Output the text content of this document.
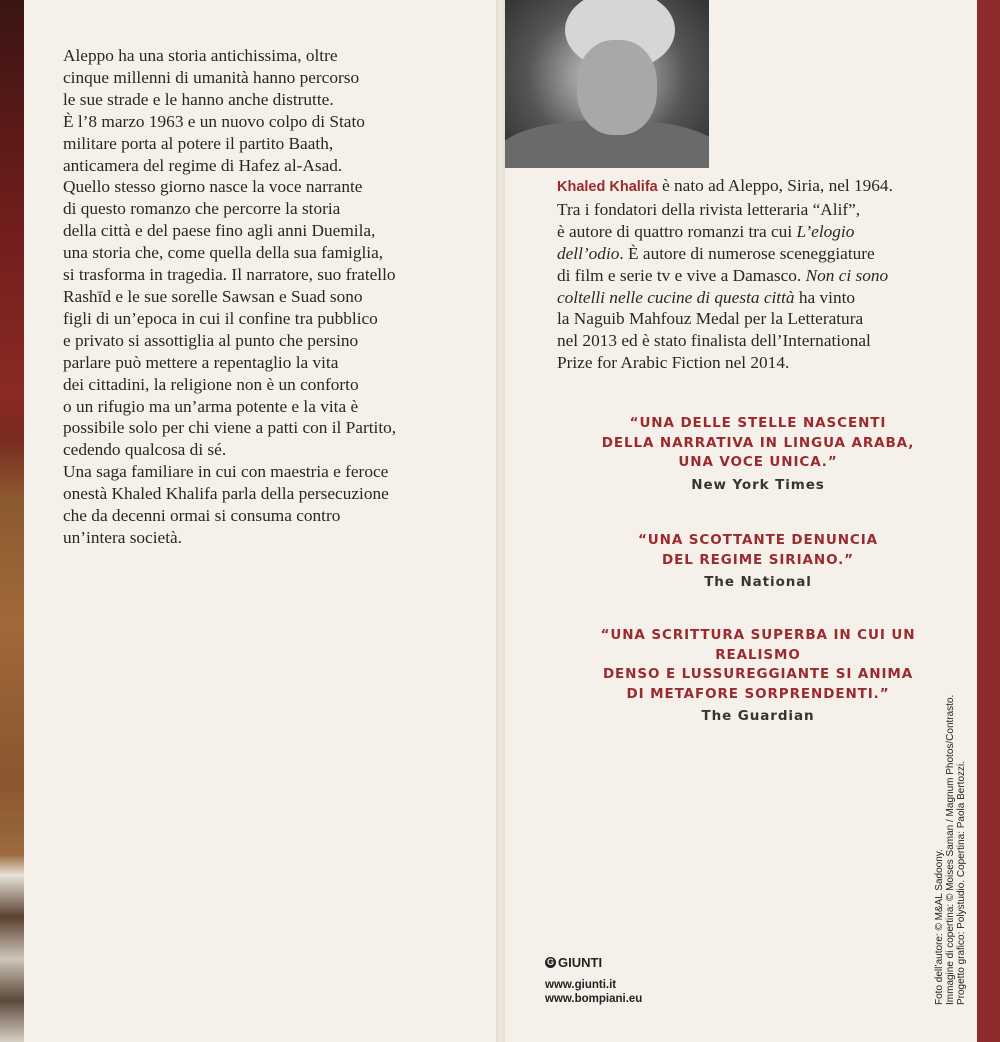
Aleppo ha una storia antichissima, oltre
cinque millenni di umanità hanno percorso
le sue strade e le hanno anche distrutte.
È l’8 marzo 1963 e un nuovo colpo di Stato
militare porta al potere il partito Baath,
anticamera del regime di Hafez al-Asad.
Quello stesso giorno nasce la voce narrante
di questo romanzo che percorre la storia
della città e del paese fino agli anni Duemila,
una storia che, come quella della sua famiglia,
si trasforma in tragedia. Il narratore, suo fratello
Rashīd e le sue sorelle Sawsan e Suad sono
figli di un’epoca in cui il confine tra pubblico
e privato si assottiglia al punto che persino
parlare può mettere a repentaglio la vita
dei cittadini, la religione non è un conforto
o un rifugio ma un’arma potente e la vita è
possibile solo per chi viene a patti con il Partito,
cedendo qualcosa di sé.
Una saga familiare in cui con maestria e feroce
onestà Khaled Khalifa parla della persecuzione
che da decenni ormai si consuma contro
un’intera società.
Khaled Khalifa è nato ad Aleppo, Siria, nel 1964.
Tra i fondatori della rivista letteraria “Alif”,
è autore di quattro romanzi tra cui L’elogio
dell’odio. È autore di numerose sceneggiature
di film e serie tv e vive a Damasco. Non ci sono
coltelli nelle cucine di questa città ha vinto
la Naguib Mahfouz Medal per la Letteratura
nel 2013 ed è stato finalista dell’International
Prize for Arabic Fiction nel 2014.
“UNA DELLE STELLE NASCENTI
DELLA NARRATIVA IN LINGUA ARABA,
UNA VOCE UNICA.”
New York Times
“UNA SCOTTANTE DENUNCIA
DEL REGIME SIRIANO.”
The National
“UNA SCRITTURA SUPERBA IN CUI UN REALISMO
DENSO E LUSSUREGGIANTE SI ANIMA
DI METAFORE SORPRENDENTI.”
The Guardian
G GIUNTI
www.giunti.it
www.bompiani.eu	Foto dell’autore: © M&AL Sadoony. Immagine di copertina: © Moises Saman / Magnum Photos/Contrasto. Progetto grafico: Polystudio. Copertina: Paola Bertozzi.
